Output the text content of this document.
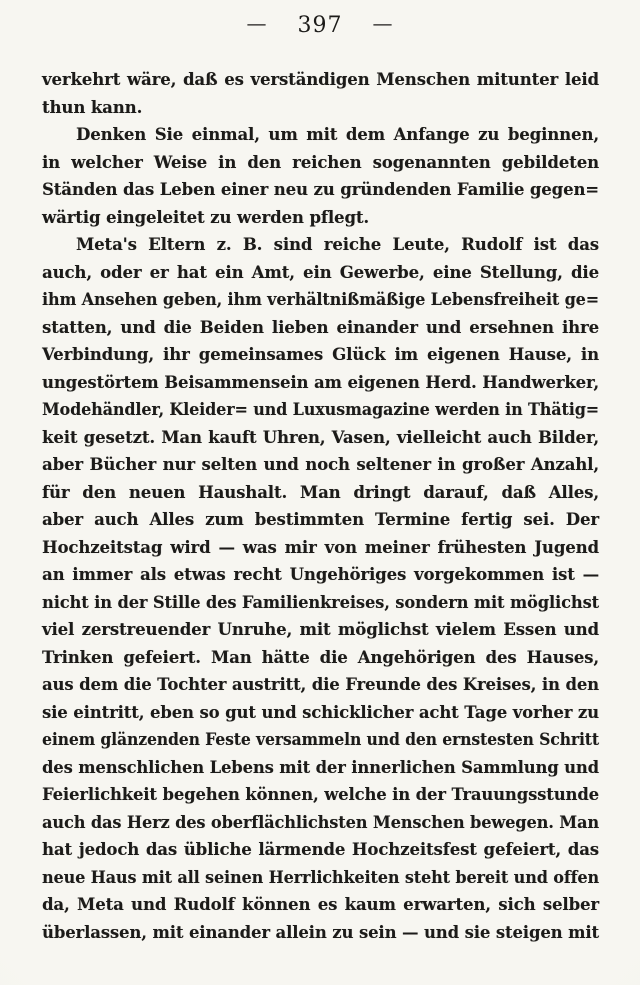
— 397 —
verkehrt wäre, daß es verständigen Menschen mitunter leid
thun kann.
Denken Sie einmal, um mit dem Anfange zu beginnen,
in welcher Weise in den reichen sogenannten gebildeten
Ständen das Leben einer neu zu gründenden Familie gegen=
wärtig eingeleitet zu werden pflegt.
Meta's Eltern z. B. sind reiche Leute, Rudolf ist das
auch, oder er hat ein Amt, ein Gewerbe, eine Stellung, die
ihm Ansehen geben, ihm verhältnißmäßige Lebensfreiheit ge=
statten, und die Beiden lieben einander und ersehnen ihre
Verbindung, ihr gemeinsames Glück im eigenen Hause, in
ungestörtem Beisammensein am eigenen Herd. Handwerker,
Modehändler, Kleider= und Luxusmagazine werden in Thätig=
keit gesetzt. Man kauft Uhren, Vasen, vielleicht auch Bilder,
aber Bücher nur selten und noch seltener in großer Anzahl,
für den neuen Haushalt. Man dringt darauf, daß Alles,
aber auch Alles zum bestimmten Termine fertig sei. Der
Hochzeitstag wird — was mir von meiner frühesten Jugend
an immer als etwas recht Ungehöriges vorgekommen ist —
nicht in der Stille des Familienkreises, sondern mit möglichst
viel zerstreuender Unruhe, mit möglichst vielem Essen und
Trinken gefeiert. Man hätte die Angehörigen des Hauses,
aus dem die Tochter austritt, die Freunde des Kreises, in den
sie eintritt, eben so gut und schicklicher acht Tage vorher zu
einem glänzenden Feste versammeln und den ernstesten Schritt
des menschlichen Lebens mit der innerlichen Sammlung und
Feierlichkeit begehen können, welche in der Trauungsstunde
auch das Herz des oberflächlichsten Menschen bewegen. Man
hat jedoch das übliche lärmende Hochzeitsfest gefeiert, das
neue Haus mit all seinen Herrlichkeiten steht bereit und offen
da, Meta und Rudolf können es kaum erwarten, sich selber
überlassen, mit einander allein zu sein — und sie steigen mit
